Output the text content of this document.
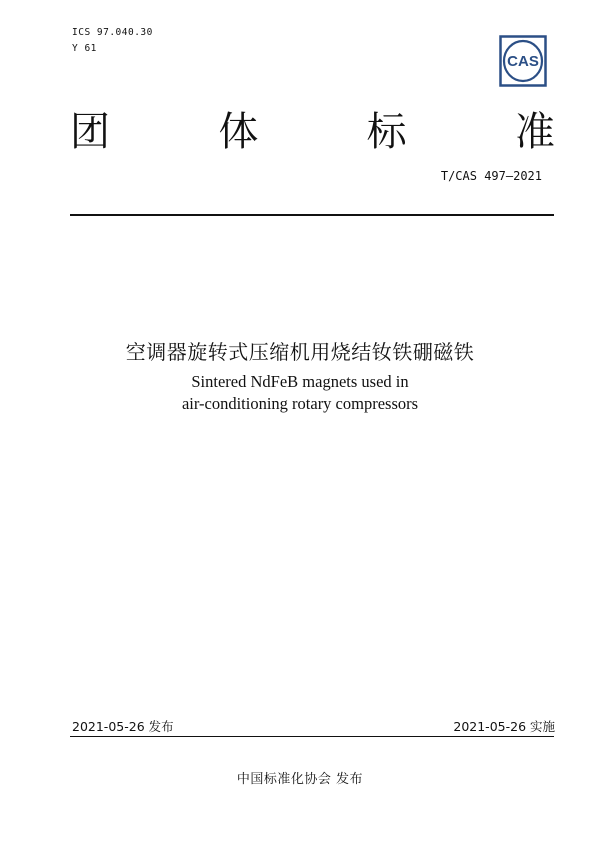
ICS 97.040.30
Y 61
CAS
团	体	标	准
T/CAS 497—2021
空调器旋转式压缩机用烧结钕铁硼磁铁
Sintered NdFeB magnets used in
air-conditioning rotary compressors
2021-05-26 发布	2021-05-26 实施
中国标准化协会 发布
